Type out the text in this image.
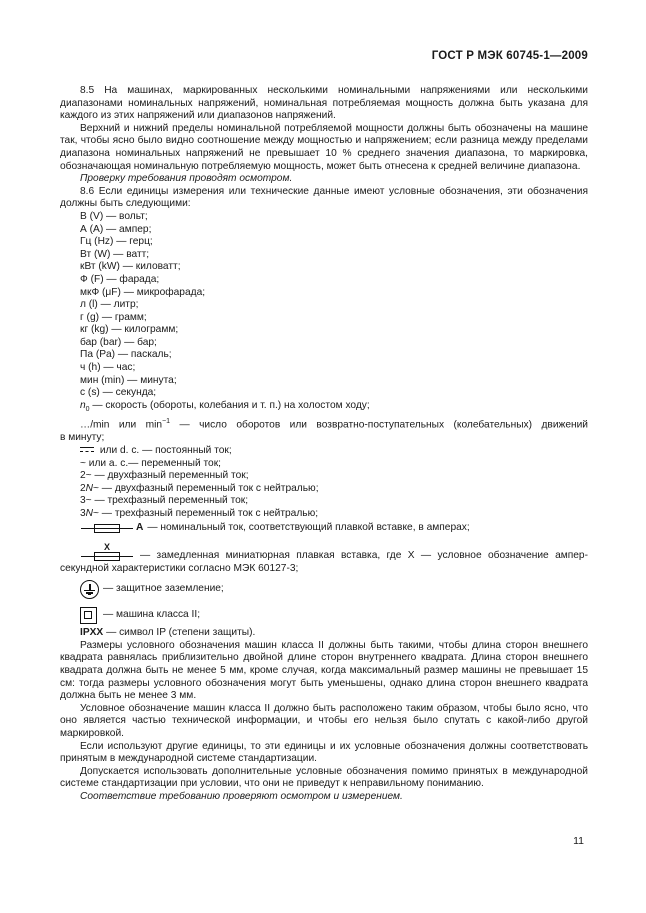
ГОСТ Р МЭК 60745-1—2009

8.5 На машинах, маркированных несколькими номинальными напряжениями или несколькими диапазонами номинальных напряжений, номинальная потребляемая мощность должна быть указана для каждого из этих напряжений или диапазонов напряжений.

Верхний и нижний пределы номинальной потребляемой мощности должны быть обозначены на машине так, чтобы ясно было видно соотношение между мощностью и напряжением; если разница между пределами диапазона номинальных напряжений не превышает 10 % среднего значения диапазона, то маркировка, обозначающая номинальную потребляемую мощность, может быть отнесена к средней величине диапазона.

Проверку требования проводят осмотром.

8.6 Если единицы измерения или технические данные имеют условные обозначения, эти обозначения должны быть следующими:

В (V) — вольт;

А (А) — ампер;

Гц (Hz) — герц;

Вт (W) — ватт;

кВт (kW) — киловатт;

Ф (F) — фарада;

мкФ (μF) — микрофарада;

л (l) — литр;

г (g) — грамм;

кг (kg) — килограмм;

бар (bar) — бар;

Па (Pa) — паскаль;

ч (h) — час;

мин (min) — минута;

с (s) — секунда;

$n_0$ — скорость (обороты, колебания и т. п.) на холостом ходу;

…/min или $\min^{-1}$ — число оборотов или возвратно-поступательных (колебательных) движений

в минуту;

или d. c. — постоянный ток;

~ или a. c.— переменный ток;

2~ — двухфазный переменный ток;

2N~ — двухфазный переменный ток с нейтралью;

3~ — трехфазный переменный ток;

3N~ — трехфазный переменный ток с нейтралью;

A — номинальный ток, соответствующий плавкой вставке, в амперах;
X
— замедленная миниатюрная плавкая вставка, где X — условное обозначение ампер-

секундной характеристики согласно МЭК 60127-3;

— защитное заземление;
— машина класса II;

IPXX — символ IP (степени защиты).

Размеры условного обозначения машин класса II должны быть такими, чтобы длина сторон внешнего квадрата равнялась приблизительно двойной длине сторон внутреннего квадрата. Длина сторон внешнего квадрата должна быть не менее 5 мм, кроме случая, когда максимальный размер машины не превышает 15 см: тогда размеры условного обозначения могут быть уменьшены, однако длина сторон внешнего квадрата должна быть не менее 3 мм.

Условное обозначение машин класса II должно быть расположено таким образом, чтобы было ясно, что оно является частью технической информации, и чтобы его нельзя было спутать с какой-либо другой маркировкой.

Если используют другие единицы, то эти единицы и их условные обозначения должны соответствовать принятым в международной системе стандартизации.

Допускается использовать дополнительные условные обозначения помимо принятых в международной системе стандартизации при условии, что они не приведут к неправильному пониманию.

Соответствие требованию проверяют осмотром и измерением.

11
